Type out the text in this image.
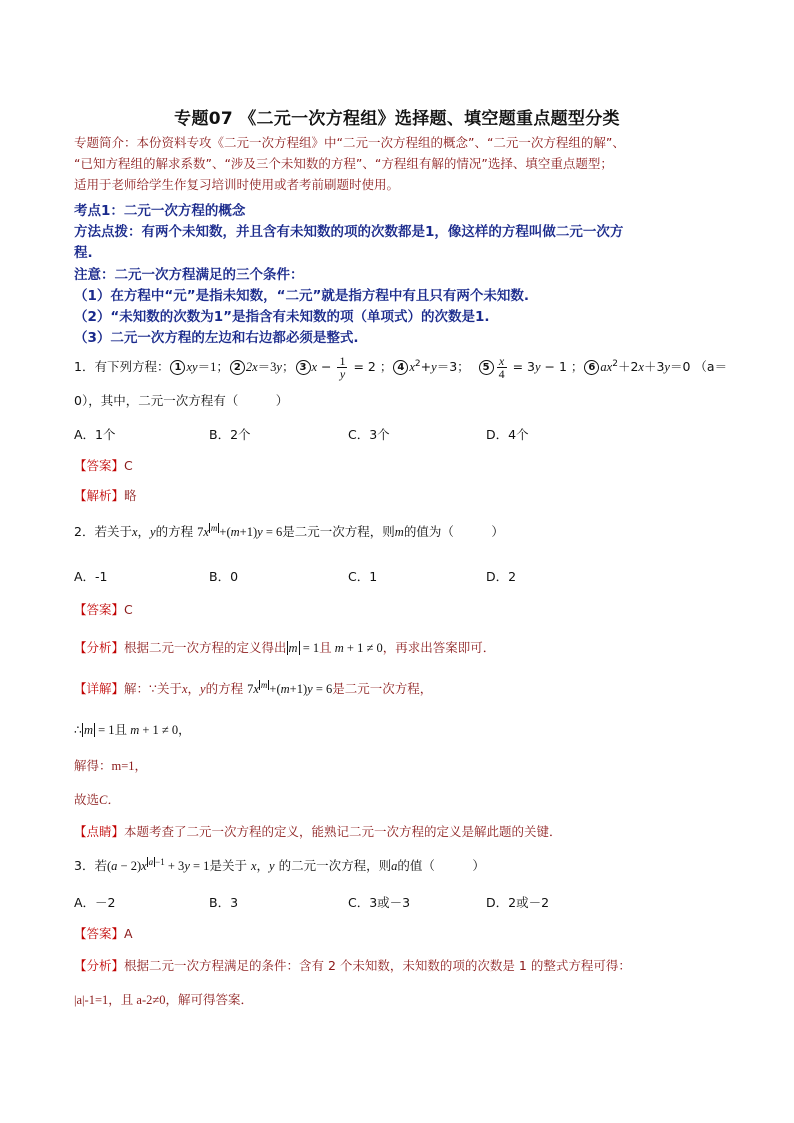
专题07 《二元一次方程组》选择题、填空题重点题型分类
专题简介：本份资料专攻《二元一次方程组》中“二元一次方程组的概念”、“二元一次方程组的解”、
“已知方程组的解求系数”、“涉及三个未知数的方程”、“方程组有解的情况”选择、填空重点题型；
适用于老师给学生作复习培训时使用或者考前刷题时使用。
考点1：二元一次方程的概念
方法点拨：有两个未知数，并且含有未知数的项的次数都是1，像这样的方程叫做二元一次方
程.
注意：二元一次方程满足的三个条件：
（1）在方程中“元”是指未知数，“二元”就是指方程中有且只有两个未知数.
（2）“未知数的次数为1”是指含有未知数的项（单项式）的次数是1.
（3）二元一次方程的左边和右边都必须是整式.
1．有下列方程： 1 xy＝1； 2 2x＝3y； 3 $x - \frac{1}{y} = 2$ ； 4 $x^2+y=3$；  $5 \frac{x}{4} = 3y - 1$ ； 6 $ax^2+2x+3y=0$ （a＝
0），其中，二元一次方程有（　　　）
A．1个	B．2个	C．3个	D．4个
【答案】C
【解析】略
2．若关于x，y的方程 7x $^m$ +(m+1)y = 6是二元一次方程，则m的值为（　　　）
A．-1	B．0	C．1	D．2
【答案】C
【分析】根据二元一次方程的定义得出 m = 1且 m + 1 ≠ 0，再求出答案即可．
【详解】解：∵关于x，y的方程 7x $^m$ +(m+1)y = 6是二元一次方程，
∴ m = 1且 m + 1 ≠ 0，
解得：m=1，
故选C．
【点睛】本题考查了二元一次方程的定义，能熟记二元一次方程的定义是解此题的关键．
3．若(a − 2)x $^{a -1}$ + 3y = 1是关于 x，y 的二元一次方程，则a的值（　　　）
A．－2	B．3	C．3或－3	D．2或－2
【答案】A
【分析】根据二元一次方程满足的条件：含有 2 个未知数，未知数的项的次数是 1 的整式方程可得：
|a|-1=1，且 a-2≠0，解可得答案．
